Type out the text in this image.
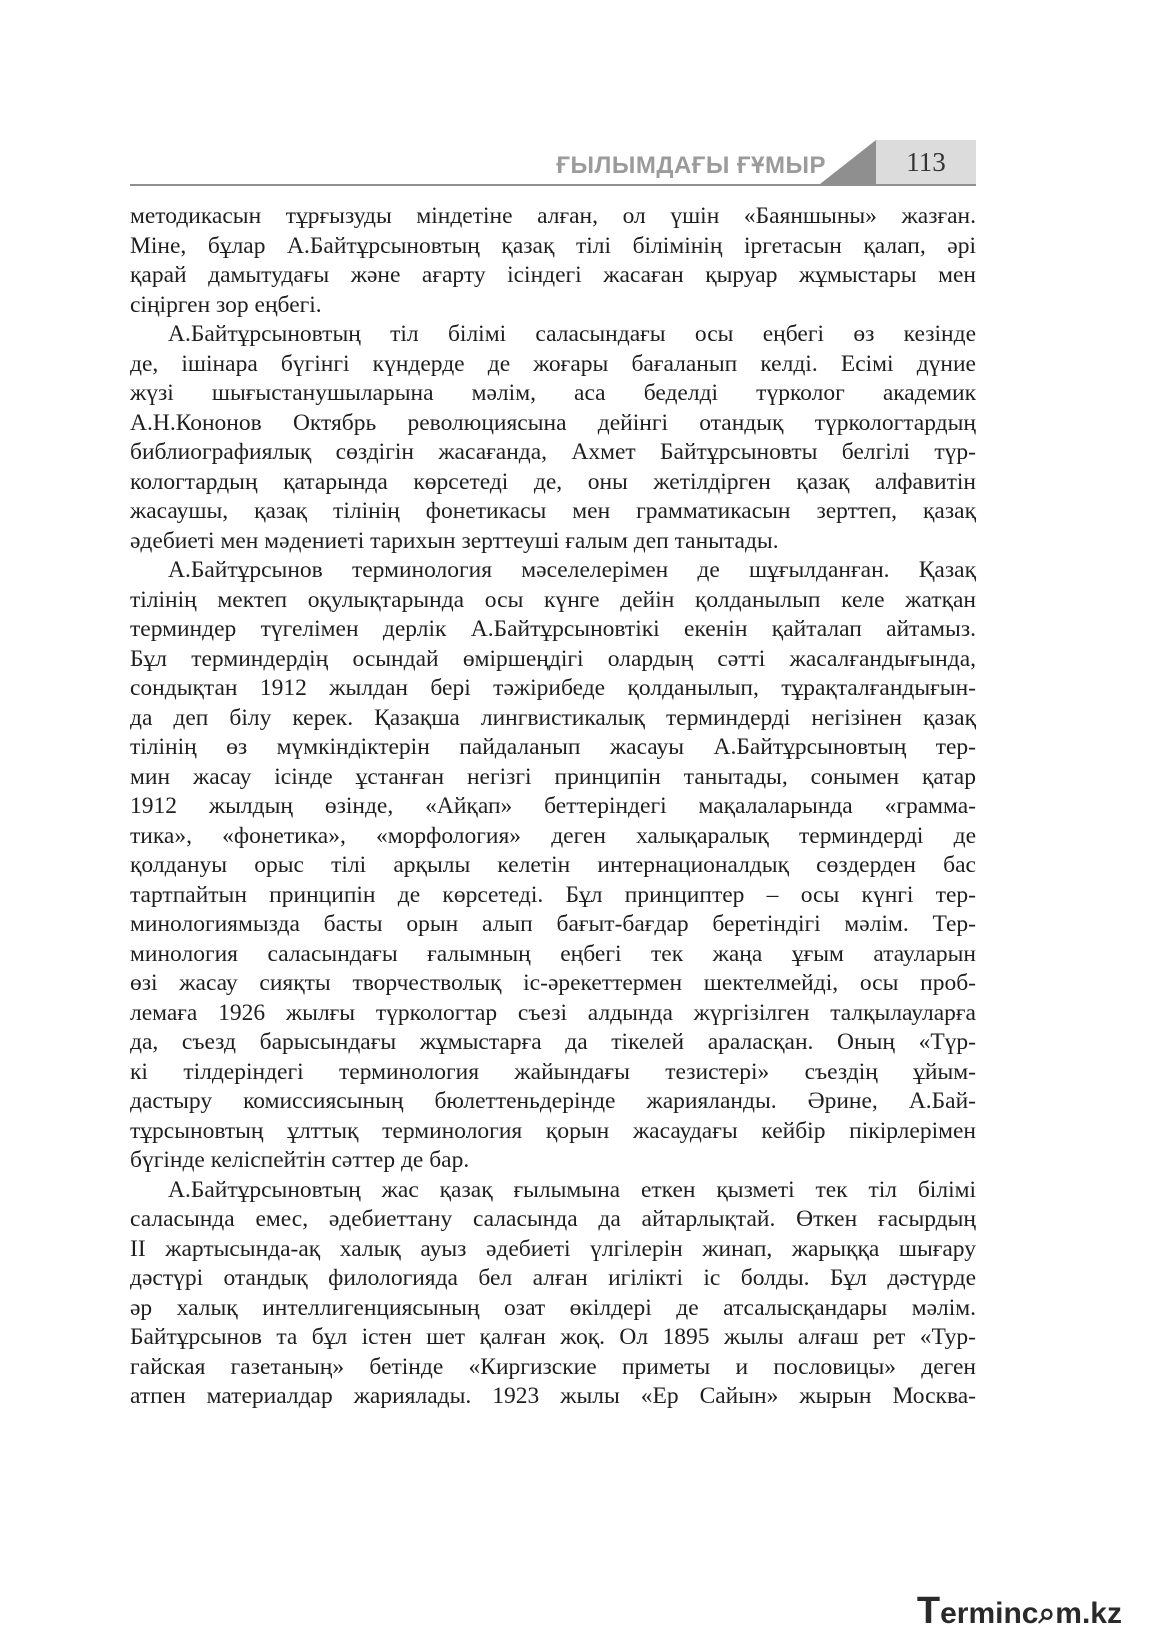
ҒЫЛЫМДАҒЫ ҒҰМЫР	113
методикасын тұрғызуды міндетіне алған, ол үшін «Баяншыны» жазған.
Міне, бұлар А.Байтұрсыновтың қазақ тілі білімінің іргетасын қалап, әрі
қарай дамытудағы және ағарту ісіндегі жасаған қыруар жұмыстары мен
сіңірген зор еңбегі.
А.Байтұрсыновтың тіл білімі саласындағы осы еңбегі өз кезінде
де, ішінара бүгінгі күндерде де жоғары бағаланып келді. Есімі дүние
жүзі шығыстанушыларына мәлім, аса беделді түрколог академик
А.Н.Кононов Октябрь революциясына дейінгі отандық түркологтардың
библиографиялық сөздігін жасағанда, Ахмет Байтұрсыновты белгілі түр-
кологтардың қатарында көрсетеді де, оны жетілдірген қазақ алфавитін
жасаушы, қазақ тілінің фонетикасы мен грамматикасын зерттеп, қазақ
әдебиеті мен мәдениеті тарихын зерттеуші ғалым деп танытады.
А.Байтұрсынов терминология мәселелерімен де шұғылданған. Қазақ
тілінің мектеп оқулықтарында осы күнге дейін қолданылып келе жатқан
терминдер түгелімен дерлік А.Байтұрсыновтікі екенін қайталап айтамыз.
Бұл терминдердің осындай өміршеңдігі олардың сәтті жасалғандығында,
сондықтан 1912 жылдан бері тәжірибеде қолданылып, тұрақталғандығын-
да деп білу керек. Қазақша лингвистикалық терминдерді негізінен қазақ
тілінің өз мүмкіндіктерін пайдаланып жасауы А.Байтұрсыновтың тер-
мин жасау ісінде ұстанған негізгі принципін танытады, сонымен қатар
1912 жылдың өзінде, «Айқап» беттеріндегі мақалаларында «грамма-
тика», «фонетика», «морфология» деген халықаралық терминдерді де
қолдануы орыс тілі арқылы келетін интернационалдық сөздерден бас
тартпайтын принципін де көрсетеді. Бұл принциптер – осы күнгі тер-
минологиямызда басты орын алып бағыт-бағдар беретіндігі мәлім. Тер-
минология саласындағы ғалымның еңбегі тек жаңа ұғым атауларын
өзі жасау сияқты творчестволық іс-әрекеттермен шектелмейді, осы проб-
лемаға 1926 жылғы түркологтар съезі алдында жүргізілген талқылауларға
да, съезд барысындағы жұмыстарға да тікелей араласқан. Оның «Түр-
кі тілдеріндегі терминология жайындағы тезистері» съездің ұйым-
дастыру комиссиясының бюлеттеньдерінде жарияланды. Әрине, А.Бай-
тұрсыновтың ұлттық терминология қорын жасаудағы кейбір пікірлерімен
бүгінде келіспейтін сәттер де бар.
А.Байтұрсыновтың жас қазақ ғылымына еткен қызметі тек тіл білімі
саласында емес, әдебиеттану саласында да айтарлықтай. Өткен ғасырдың
ІІ жартысында-ақ халық ауыз әдебиеті үлгілерін жинап, жарыққа шығару
дәстүрі отандық филологияда бел алған игілікті іс болды. Бұл дәстүрде
әр халық интеллигенциясының озат өкілдері де атсалысқандары мәлім.
Байтұрсынов та бұл істен шет қалған жоқ. Ол 1895 жылы алғаш рет «Тур-
гайская газетаның» бетінде «Киргизские приметы и пословицы» деген
атпен материалдар жариялады. 1923 жылы «Ер Сайын» жырын Москва-
Terminc⌕m.kz
